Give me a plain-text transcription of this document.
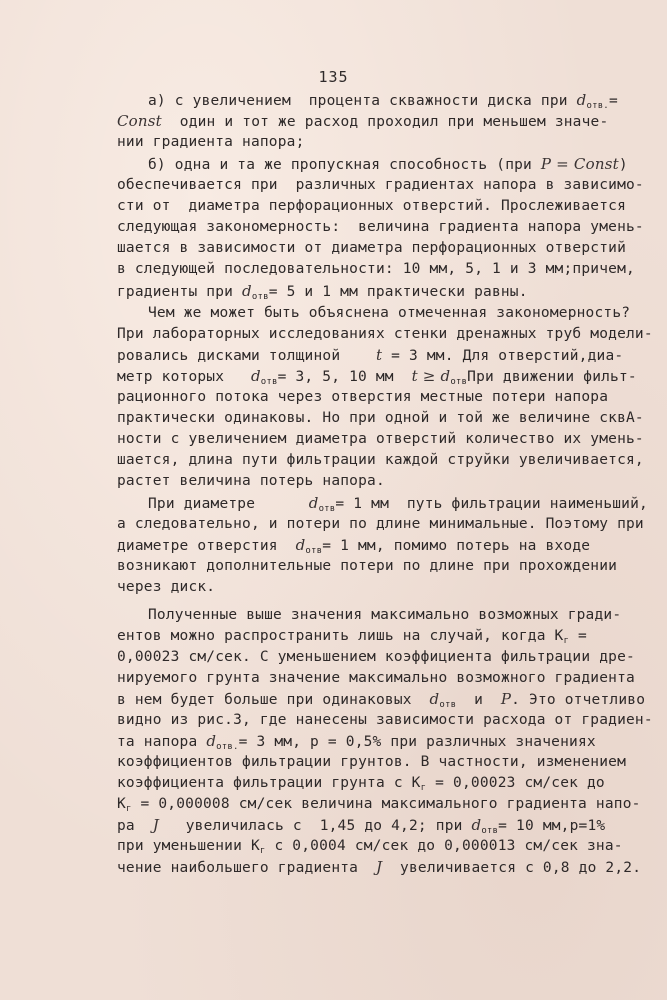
135
а) с увеличением  процента скважности диска при $d_{отв.}=$
Const  один и тот же расход проходил при меньшем значе-
нии градиента напора;
б) одна и та же пропускная способность (при P = Const)
обеспечивается при  различных градиентах напора в зависимо-
сти от  диаметра перфорационных отверстий. Прослеживается
следующая закономерность:  величина градиента напора умень-
шается в зависимости от диаметра перфорационных отверстий
в следующей последовательности: 10 мм, 5, 1 и 3 мм;причем,
градиенты при $d_{отв}= 5$ и 1 мм практически равны.
Чем же может быть объяснена отмеченная закономерность?
При лабораторных исследованиях стенки дренажных труб модели-
ровались дисками толщиной    t = 3 мм. Для отверстий,диа-
метр которых   $d_{отв}= 3$, 5, 10 мм  $t \ge d_{отв}При$ движении фильт-
рационного потока через отверстия местные потери напора
практически одинаковы. Но при одной и той же величине сквА-
ности с увеличением диаметра отверстий количество их умень-
шается, длина пути фильтрации каждой струйки увеличивается,
растет величина потерь напора.
При диаметре      $d_{отв}= 1$ мм  путь фильтрации наименьший,
а следовательно, и потери по длине минимальные. Поэтому при
диаметре отверстия  $d_{отв}= 1$ мм, помимо потерь на входе
возникают дополнительные потери по длине при прохождении
через диск.
Полученные выше значения максимально возможных гради-
ентов можно распространить лишь на случай, когда $K_г$ =
0,00023 см/сек. С уменьшением коэффициента фильтрации дре-
нируемого грунта значение максимально возможного градиента
в нем будет больше при одинаковых  $d_{отв}$  и  P. Это отчетливо
видно из рис.3, где нанесены зависимости расхода от градиен-
та напора $d_{отв.}= 3$ мм, р = 0,5% при различных значениях
коэффициентов фильтрации грунтов. В частности, изменением
коэффициента фильтрации грунта с $K_г = 0,00023$ см/сек до
$K_г = 0,000008$ см/сек величина максимального градиента напо-
ра  J   увеличилась с  1,45 до 4,2; при $d_{отв}= 10$ мм,р=1%
при уменьшении $K_г$ с 0,0004 см/сек до 0,000013 см/сек зна-
чение наибольшего градиента  J  увеличивается с 0,8 до 2,2.
